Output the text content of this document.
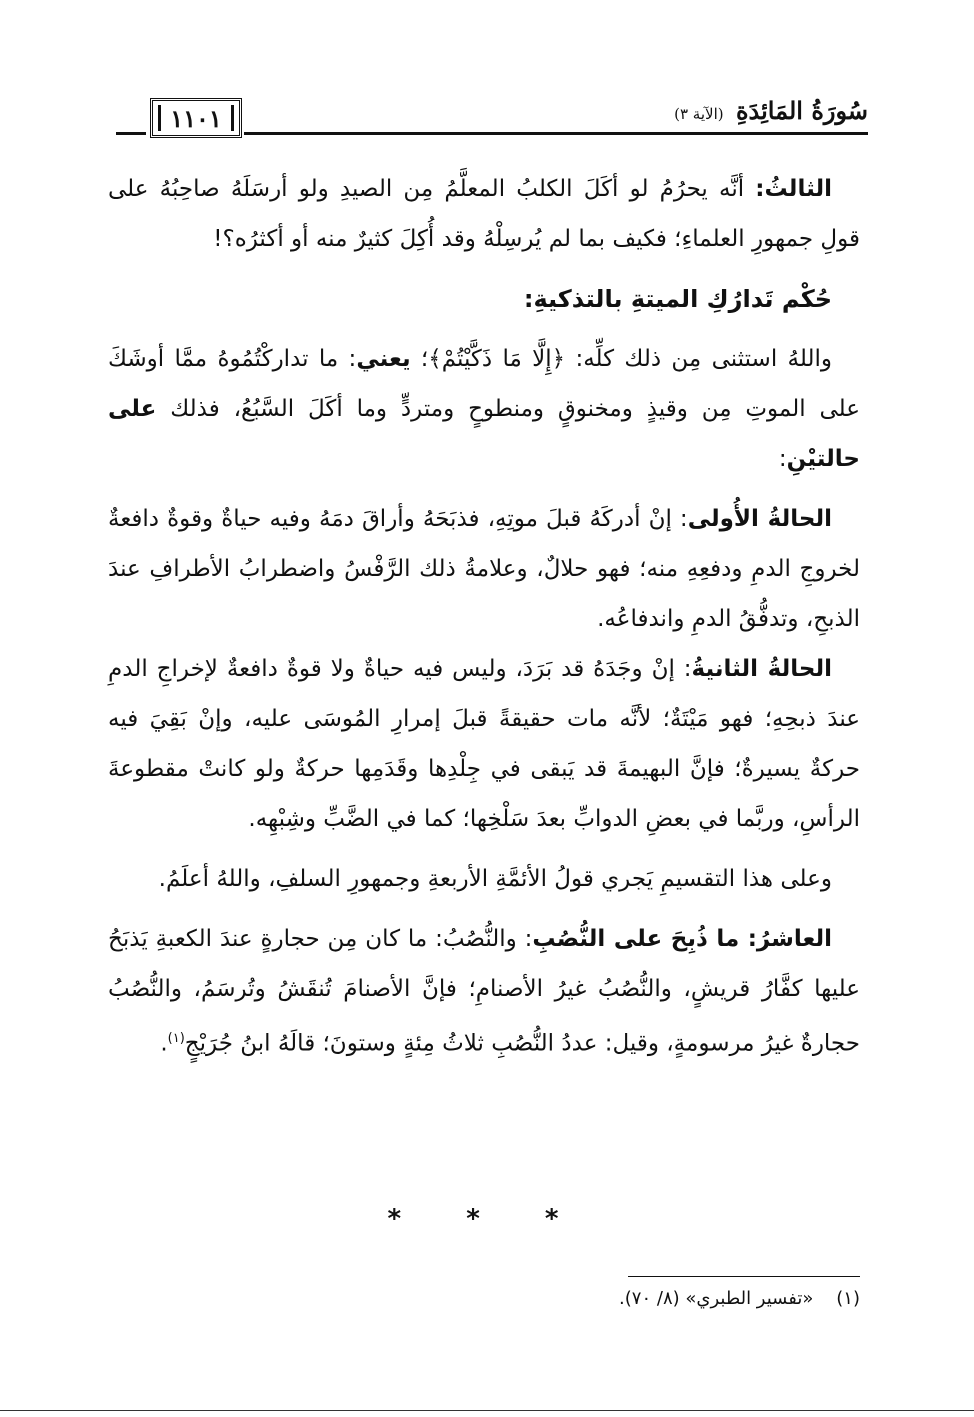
سُورَةُ المَائِدَةِ (الآية ٣)
١١٠١

الثالثُ: أنَّه يحرُمُ لو أكَلَ الكلبُ المعلَّمُ مِن الصيدِ ولو أرسَلَهُ صاحِبُهُ على قولِ جمهورِ العلماءِ؛ فكيف بما لم يُرسِلْهُ وقد أُكِلَ كثيرٌ منه أو أكثرُه؟!

حُكْم تَدارُكِ الميتةِ بالتذكيةِ:

واللهُ استثنى مِن ذلك كلِّه: ﴿إِلَّا مَا ذَكَّيْتُمْ﴾؛ يعني: ما تداركْتُمُوهُ ممَّا أوشَكَ على الموتِ مِن وقيذٍ ومخنوقٍ ومنطوحٍ ومتردٍّ وما أكَلَ السَّبُعُ، فذلك على حالتيْنِ:

الحالةُ الأُولى: إنْ أدركَهُ قبلَ موتِهِ، فذبَحَهُ وأراقَ دمَهُ وفيه حياةٌ وقوةٌ دافعةٌ لخروجِ الدمِ ودفعِهِ منه؛ فهو حلالٌ، وعلامةُ ذلك الرَّفْسُ واضطرابُ الأطرافِ عندَ الذبحِ، وتدفُّقُ الدمِ واندفاعُه.

الحالةُ الثانيةُ: إنْ وجَدَهُ قد بَرَدَ، وليس فيه حياةٌ ولا قوةٌ دافعةٌ لإخراجِ الدمِ عندَ ذبحِهِ؛ فهو مَيْتَةٌ؛ لأنَّه مات حقيقةً قبلَ إمرارِ المُوسَى عليه، وإنْ بَقِيَ فيه حركةٌ يسيرةٌ؛ فإنَّ البهيمةَ قد يَبقى في جِلْدِها وقَدَمِها حركةٌ ولو كانتْ مقطوعةَ الرأسِ، وربَّما في بعضِ الدوابِّ بعدَ سَلْخِها؛ كما في الضَّبِّ وشِبْهِه.

وعلى هذا التقسيمِ يَجري قولُ الأئمَّةِ الأربعةِ وجمهورِ السلفِ، واللهُ أعلَمُ.

العاشرُ: ما ذُبِحَ على النُّصُبِ: والنُّصُبُ: ما كان مِن حجارةٍ عندَ الكعبةِ يَذبَحُ عليها كفَّارُ قريشٍ، والنُّصُبُ غيرُ الأصنامِ؛ فإنَّ الأصنامَ تُنقَشُ وتُرسَمُ، والنُّصُبُ حجارةٌ غيرُ مرسومةٍ، وقيل: عددُ النُّصُبِ ثلاثُ مِئةٍ وستونَ؛ قالَهُ ابنُ جُرَيْجٍ$^{(١)}$.

* * *
(١)    «تفسير الطبري» (٨/ ٧٠).
